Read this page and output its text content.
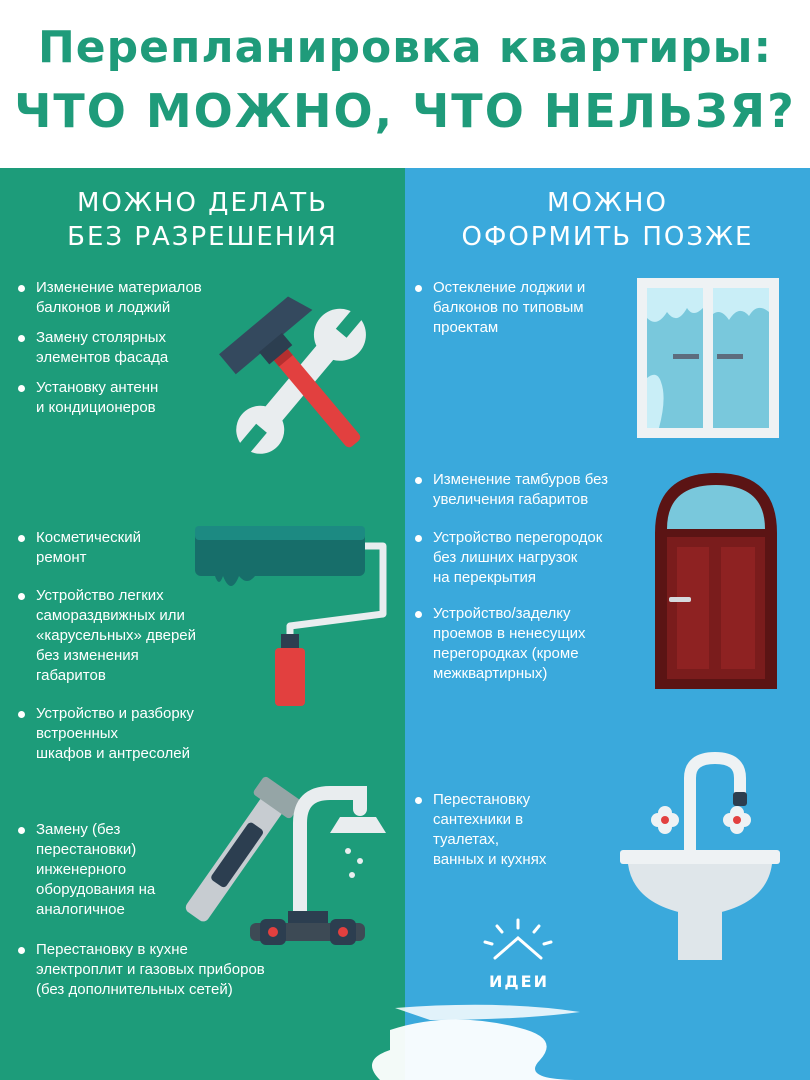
Перепланировка квартиры:
ЧТО МОЖНО, ЧТО НЕЛЬЗЯ?
МОЖНО ДЕЛАТЬ
БЕЗ РАЗРЕШЕНИЯ

Изменение материалов
балконов и лоджий

Замену столярных
элементов фасада

Установку антенн
и кондиционеров

Косметический
ремонт

Устройство легких
самораздвижных или
«карусельных» дверей
без изменения
габаритов

Устройство и разборку
встроенных
шкафов и антресолей

Замену (без
перестановки)
инженерного
оборудования на
аналогичное

Перестановку в кухне
электроплит и газовых приборов
(без дополнительных сетей)

МОЖНО
ОФОРМИТЬ ПОЗЖЕ

Остекление лоджии и
балконов по типовым
проектам

Изменение тамбуров без
увеличения габаритов

Устройство перегородок
без лишних нагрузок
на перекрытия

Устройство/заделку
проемов в ненесущих
перегородках (кроме
межквартирных)

Перестановку
сантехники в
туалетах,
ванных и кухнях

ИДЕИ
